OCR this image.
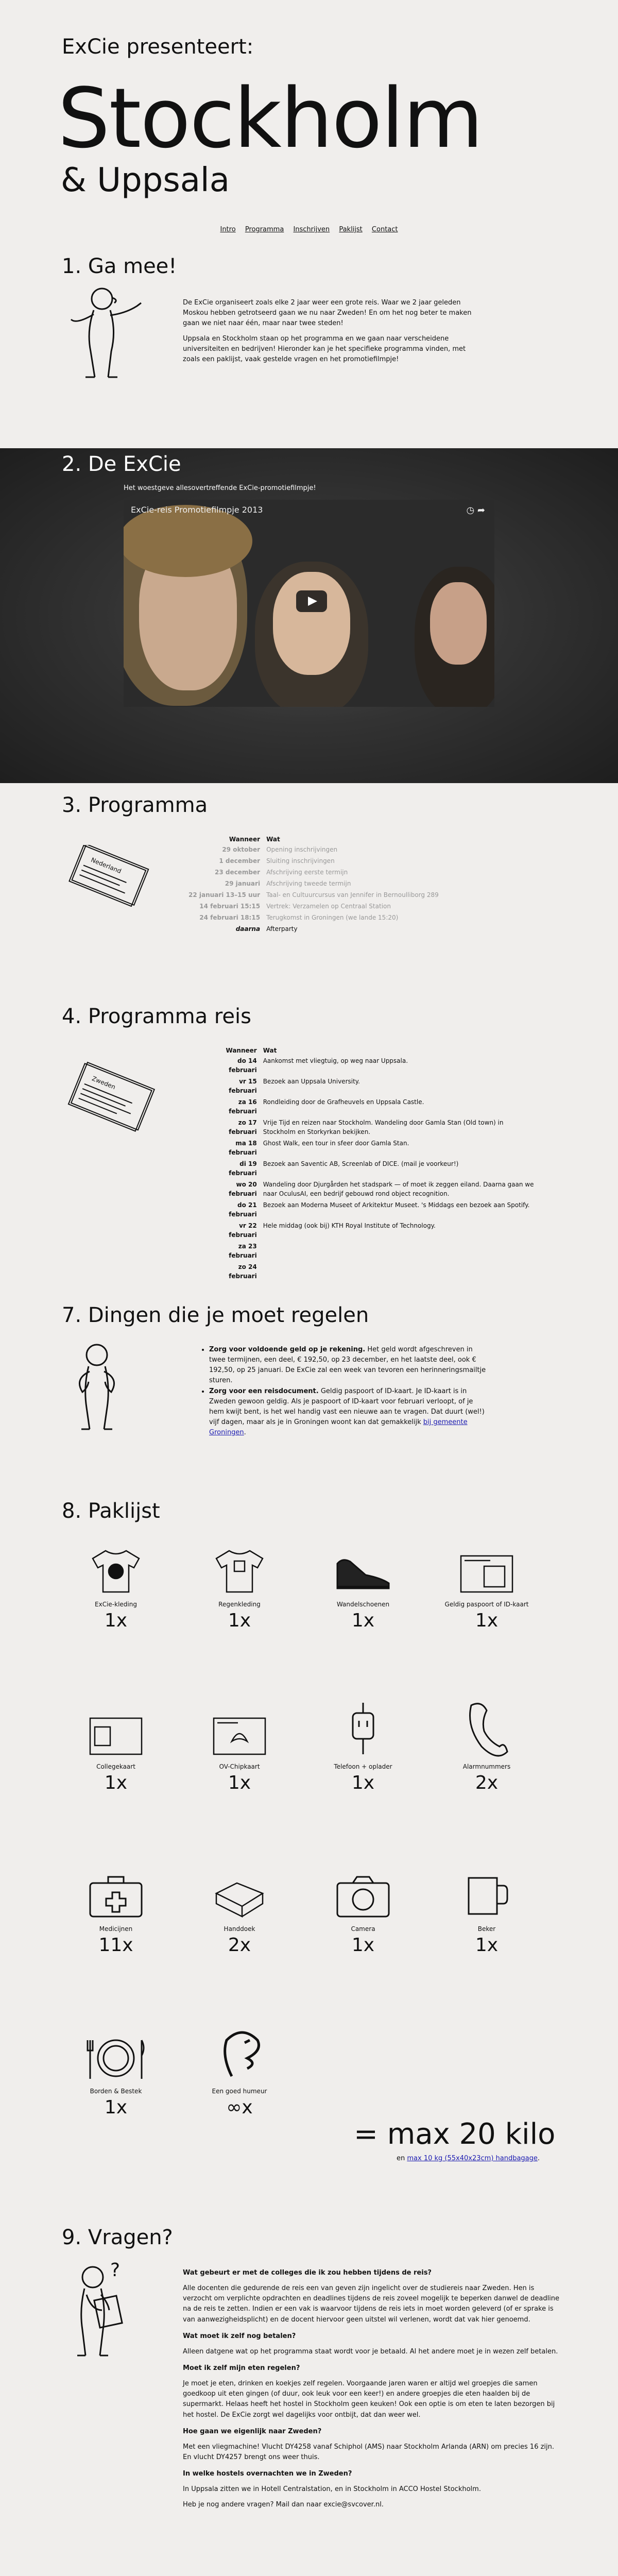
ExCie presenteert:
Stockholm
& Uppsala
Intro Programma Inschrijven Paklijst Contact
1. Ga mee!

De ExCie organiseert zoals elke 2 jaar weer een grote reis. Waar we 2 jaar geleden Moskou hebben getrotseerd gaan we nu naar Zweden! En om het nog beter te maken gaan we niet naar één, maar naar twee steden!

Uppsala en Stockholm staan op het programma en we gaan naar verscheidene universiteiten en bedrijven! Hieronder kan je het specifieke programma vinden, met zoals een paklijst, vaak gestelde vragen en het promotiefilmpje!

2. De ExCie
Het woestgeve allesovertreffende ExCie-promotiefilmpje!
ExCie-reis Promotiefilmpje 2013	◷ ➦
3. Programma
Nederland
Wanneer	Wat
29 oktober	Opening inschrijvingen
1 december	Sluiting inschrijvingen
23 december	Afschrijving eerste termijn
29 januari	Afschrijving tweede termijn
22 januari 13–15 uur	Taal- en Cultuurcursus van Jennifer in Bernoulliborg 289
14 februari 15:15	Vertrek: Verzamelen op Centraal Station
24 februari 18:15	Terugkomst in Groningen (we lande 15:20)
daarna	Afterparty
4. Programma reis
Zweden
Wanneer	Wat
do 14 februari	Aankomst met vliegtuig, op weg naar Uppsala.
vr 15 februari	Bezoek aan Uppsala University.
za 16 februari	Rondleiding door de Grafheuvels en Uppsala Castle.
zo 17 februari	Vrije Tijd en reizen naar Stockholm. Wandeling door Gamla Stan (Old town) in Stockholm en Storkyrkan bekijken.
ma 18 februari	Ghost Walk, een tour in sfeer door Gamla Stan.
di 19 februari	Bezoek aan Saventic AB, Screenlab of DICE. (mail je voorkeur!)
wo 20 februari	Wandeling door Djurgården het stadspark — of moet ik zeggen eiland. Daarna gaan we naar OculusAI, een bedrijf gebouwd rond object recognition.
do 21 februari	Bezoek aan Moderna Museet of Arkitektur Museet. 's Middags een bezoek aan Spotify.
vr 22 februari	Hele middag (ook bij) KTH Royal Institute of Technology.
za 23 februari	
zo 24 februari	
7. Dingen die je moet regelen
• Zorg voor voldoende geld op je rekening. Het geld wordt afgeschreven in twee termijnen, een deel, € 192,50, op 23 december, en het laatste deel, ook € 192,50, op 25 januari. De ExCie zal een week van tevoren een herinneringsmailtje sturen.
• Zorg voor een reisdocument. Geldig paspoort of ID-kaart. Je ID-kaart is in Zweden gewoon geldig. Als je paspoort of ID-kaart voor februari verloopt, of je hem kwijt bent, is het wel handig vast een nieuwe aan te vragen. Dat duurt (wel!) vijf dagen, maar als je in Groningen woont kan dat gemakkelijk bij gemeente Groningen.
8. Paklijst
= max 20 kilo
en max 10 kg (55x40x23cm) handbagage.
ExCie-kleding
1x
Regenkleding
1x
Wandelschoenen
1x
Geldig paspoort of ID-kaart
1x
Collegekaart
1x
OV-Chipkaart
1x
Telefoon + oplader
1x
Alarmnummers
2x
Medicijnen
11x
Handdoek
2x
Camera
1x
Beker
1x
Borden & Bestek
1x
Een goed humeur
∞x
9. Vragen?
?	Wat gebeurt er met de colleges die ik zou hebben tijdens de reis?
Alle docenten die gedurende de reis een van geven zijn ingelicht over de studiereis naar Zweden. Hen is verzocht om verplichte opdrachten en deadlines tijdens de reis zoveel mogelijk te beperken danwel de deadline na de reis te zetten. Indien er een vak is waarvoor tijdens de reis iets in moet worden geleverd (of er sprake is van aanwezigheidsplicht) en de docent hiervoor geen uitstel wil verlenen, wordt dat vak hier genoemd.
Wat moet ik zelf nog betalen?
Alleen datgene wat op het programma staat wordt voor je betaald. Al het andere moet je in wezen zelf betalen.
Moet ik zelf mijn eten regelen?
Je moet je eten, drinken en koekjes zelf regelen. Voorgaande jaren waren er altijd wel groepjes die samen goedkoop uit eten gingen (of duur, ook leuk voor een keer!) en andere groepjes die eten haalden bij de supermarkt. Helaas heeft het hostel in Stockholm geen keuken! Ook een optie is om eten te laten bezorgen bij het hostel. De ExCie zorgt wel dagelijks voor ontbijt, dat dan weer wel.
Hoe gaan we eigenlijk naar Zweden?
Met een vliegmachine! Vlucht DY4258 vanaf Schiphol (AMS) naar Stockholm Arlanda (ARN) om precies 16 zijn. En vlucht DY4257 brengt ons weer thuis.
In welke hostels overnachten we in Zweden?
In Uppsala zitten we in Hotell Centralstation, en in Stockholm in ACCO Hostel Stockholm.
Heb je nog andere vragen? Mail dan naar excie@svcover.nl.
